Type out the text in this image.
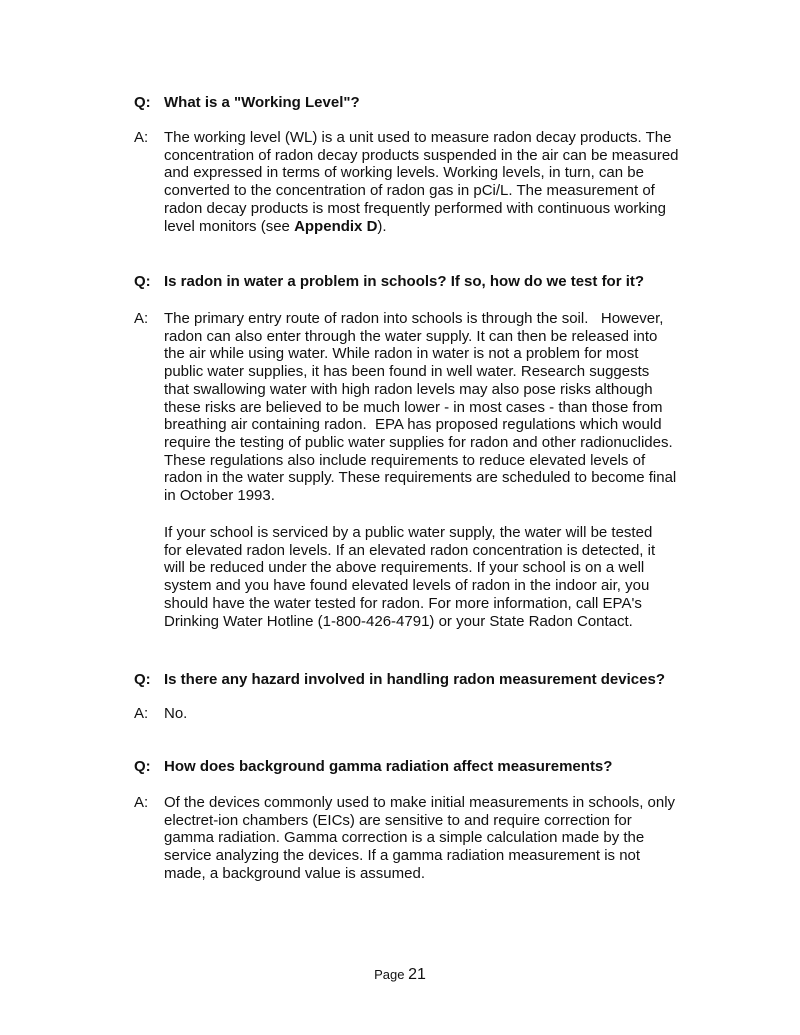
Q: What is a "Working Level"?
A:	The working level (WL) is a unit used to measure radon decay products. The
concentration of radon decay products suspended in the air can be measured
and expressed in terms of working levels. Working levels, in turn, can be
converted to the concentration of radon gas in pCi/L. The measurement of
radon decay products is most frequently performed with continuous working
level monitors (see Appendix D).
Q: Is radon in water a problem in schools? If so, how do we test for it?
A:	The primary entry route of radon into schools is through the soil.   However,
radon can also enter through the water supply. It can then be released into
the air while using water. While radon in water is not a problem for most
public water supplies, it has been found in well water. Research suggests
that swallowing water with high radon levels may also pose risks although
these risks are believed to be much lower - in most cases - than those from
breathing air containing radon.  EPA has proposed regulations which would
require the testing of public water supplies for radon and other radionuclides.
These regulations also include requirements to reduce elevated levels of
radon in the water supply. These requirements are scheduled to become final
in October 1993.
If your school is serviced by a public water supply, the water will be tested
for elevated radon levels. If an elevated radon concentration is detected, it
will be reduced under the above requirements. If your school is on a well
system and you have found elevated levels of radon in the indoor air, you
should have the water tested for radon. For more information, call EPA's
Drinking Water Hotline (1-800-426-4791) or your State Radon Contact.
Q: Is there any hazard involved in handling radon measurement devices?
A:	No.
Q: How does background gamma radiation affect measurements?
A:	Of the devices commonly used to make initial measurements in schools, only
electret-ion chambers (EICs) are sensitive to and require correction for
gamma radiation. Gamma correction is a simple calculation made by the
service analyzing the devices. If a gamma radiation measurement is not
made, a background value is assumed.
Page 21
